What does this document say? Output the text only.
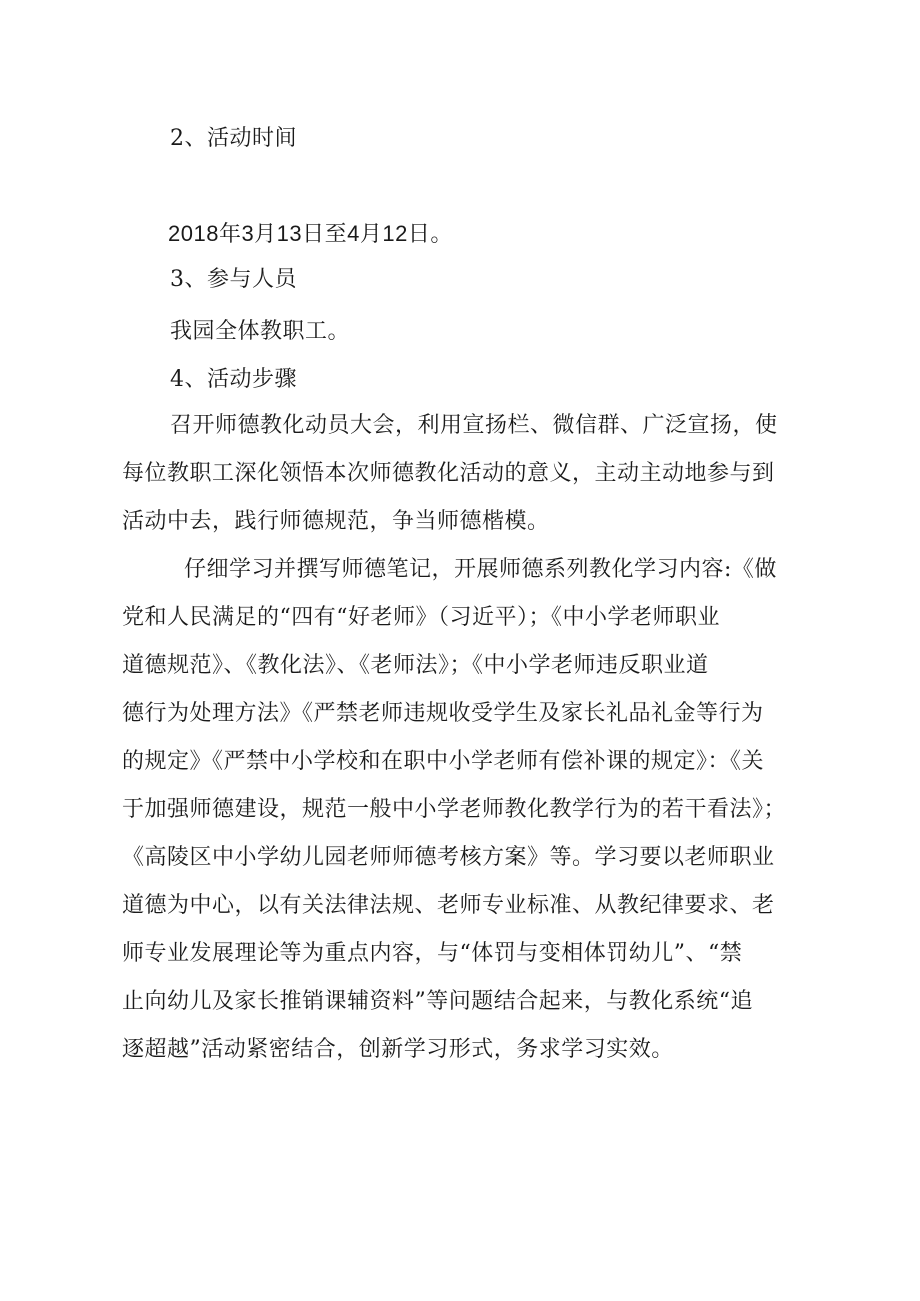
2、活动时间
2018年3月13日至4月12日。
3、参与人员
我园全体教职工。
4、活动步骤
召开师德教化动员大会，利用宣扬栏、微信群、广泛宣扬，使
每位教职工深化领悟本次师德教化活动的意义，主动主动地参与到
活动中去，践行师德规范，争当师德楷模。
仔细学习并撰写师德笔记，开展师德系列教化学习内容:《做
党和人民满足的“四有“好老师》（习近平）；《中小学老师职业
道德规范》、《教化法》、《老师法》；《中小学老师违反职业道
德行为处理方法》《严禁老师违规收受学生及家长礼品礼金等行为
的规定》《严禁中小学校和在职中小学老师有偿补课的规定》：《关
于加强师德建设，规范一般中小学老师教化教学行为的若干看法》；
《高陵区中小学幼儿园老师师德考核方案》等。学习要以老师职业
道德为中心，以有关法律法规、老师专业标准、从教纪律要求、老
师专业发展理论等为重点内容，与“体罚与变相体罚幼儿”、“禁
止向幼儿及家长推销课辅资料”等问题结合起来，与教化系统“追
逐超越”活动紧密结合，创新学习形式，务求学习实效。
